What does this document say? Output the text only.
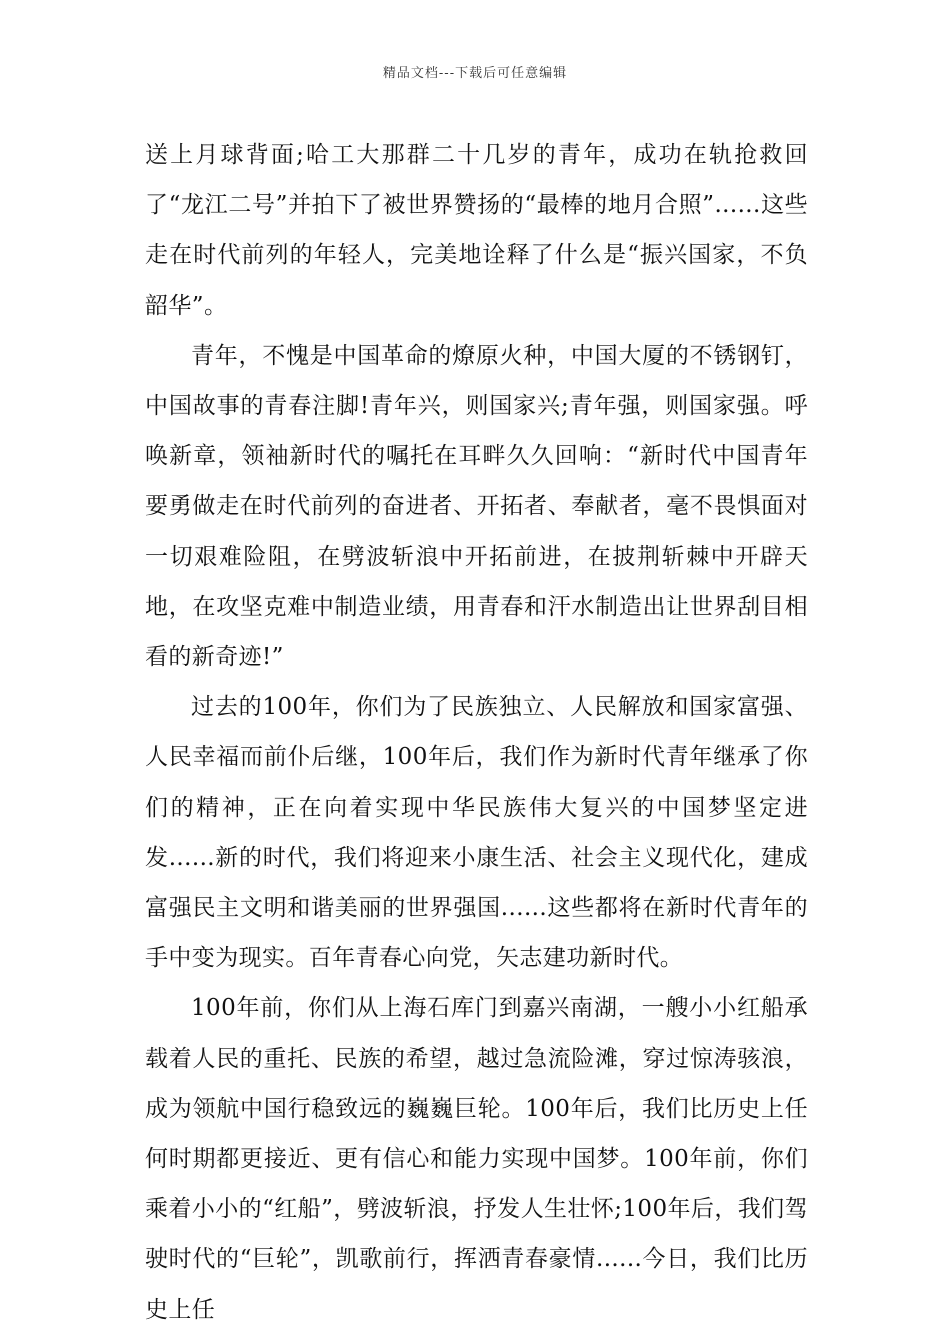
精品文档---下载后可任意编辑

送上月球背面;哈工大那群二十几岁的青年，成功在轨抢救回了“龙江二号”并拍下了被世界赞扬的“最棒的地月合照”......这些走在时代前列的年轻人，完美地诠释了什么是“振兴国家，不负韶华”。

青年，不愧是中国革命的燎原火种，中国大厦的不锈钢钉，中国故事的青春注脚!青年兴，则国家兴;青年强，则国家强。呼唤新章，领袖新时代的嘱托在耳畔久久回响：“新时代中国青年要勇做走在时代前列的奋进者、开拓者、奉献者，毫不畏惧面对一切艰难险阻，在劈波斩浪中开拓前进，在披荆斩棘中开辟天地，在攻坚克难中制造业绩，用青春和汗水制造出让世界刮目相看的新奇迹!”

过去的100年，你们为了民族独立、人民解放和国家富强、人民幸福而前仆后继，100年后，我们作为新时代青年继承了你们的精神，正在向着实现中华民族伟大复兴的中国梦坚定进发......新的时代，我们将迎来小康生活、社会主义现代化，建成富强民主文明和谐美丽的世界强国......这些都将在新时代青年的手中变为现实。百年青春心向党，矢志建功新时代。

100年前，你们从上海石库门到嘉兴南湖，一艘小小红船承载着人民的重托、民族的希望，越过急流险滩，穿过惊涛骇浪，成为领航中国行稳致远的巍巍巨轮。100年后，我们比历史上任何时期都更接近、更有信心和能力实现中国梦。100年前，你们乘着小小的“红船”，劈波斩浪，抒发人生壮怀;100年后，我们驾驶时代的“巨轮”，凯歌前行，挥洒青春豪情......今日，我们比历史上任
